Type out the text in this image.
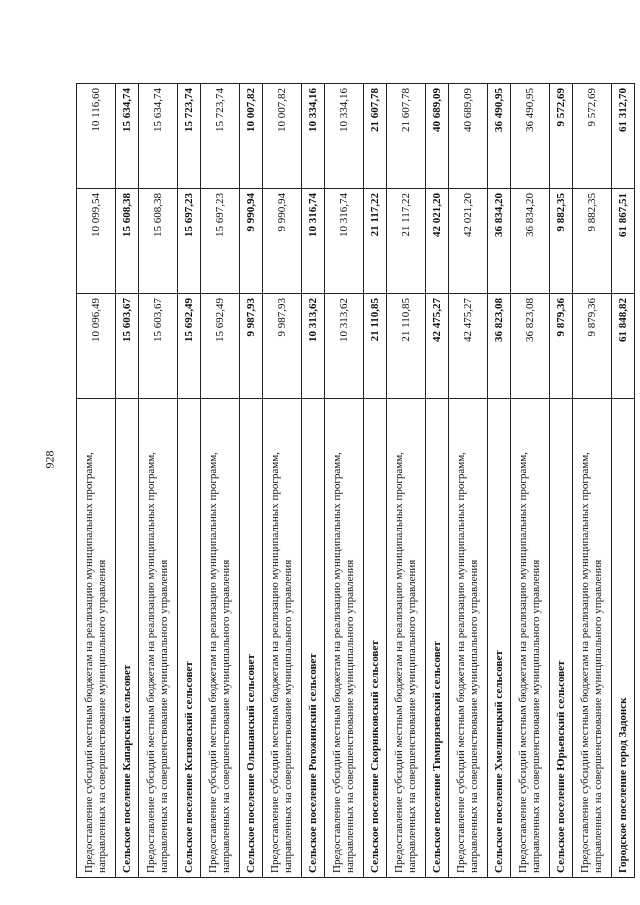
928 Предоставление субсидий местным бюджетам на реализацию муниципальных программ, направленных на совершенствование муниципального управления	10 096,49	10 099,54	10 116,60
Сельское поселение Капарский сельсовет	15 603,67	15 608,38	15 634,74
Предоставление субсидий местным бюджетам на реализацию муниципальных программ, направленных на совершенствование муниципального управления	15 603,67	15 608,38	15 634,74
Сельское поселение Ксизовский сельсовет	15 692,49	15 697,23	15 723,74
Предоставление субсидий местным бюджетам на реализацию муниципальных программ, направленных на совершенствование муниципального управления	15 692,49	15 697,23	15 723,74
Сельское поселение Ольшанский сельсовет	9 987,93	9 990,94	10 007,82
Предоставление субсидий местным бюджетам на реализацию муниципальных программ, направленных на совершенствование муниципального управления	9 987,93	9 990,94	10 007,82
Сельское поселение Рогожинский сельсовет	10 313,62	10 316,74	10 334,16
Предоставление субсидий местным бюджетам на реализацию муниципальных программ, направленных на совершенствование муниципального управления	10 313,62	10 316,74	10 334,16
Сельское поселение Скорняковский сельсовет	21 110,85	21 117,22	21 607,78
Предоставление субсидий местным бюджетам на реализацию муниципальных программ, направленных на совершенствование муниципального управления	21 110,85	21 117,22	21 607,78
Сельское поселение Тимирязевский сельсовет	42 475,27	42 021,20	40 689,09
Предоставление субсидий местным бюджетам на реализацию муниципальных программ, направленных на совершенствование муниципального управления	42 475,27	42 021,20	40 689,09
Сельское поселение Хмелинецкий сельсовет	36 823,08	36 834,20	36 490,95
Предоставление субсидий местным бюджетам на реализацию муниципальных программ, направленных на совершенствование муниципального управления	36 823,08	36 834,20	36 490,95
Сельское поселение Юрьевский сельсовет	9 879,36	9 882,35	9 572,69
Предоставление субсидий местным бюджетам на реализацию муниципальных программ, направленных на совершенствование муниципального управления	9 879,36	9 882,35	9 572,69
Городское поселение город Задонск	61 848,82	61 867,51	61 312,70
